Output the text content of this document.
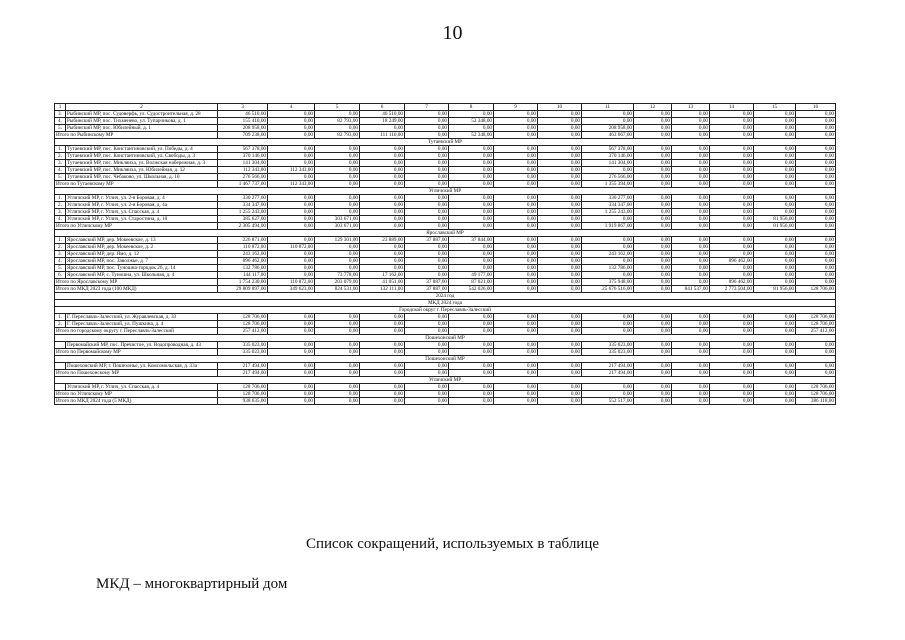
10
1	2	3	4	5	6	7	8	9	10	11	12	13	14	15	16
3.	Рыбинский МР, пос. Судоверфь, ул. Судостроительная, д. 28	46 510,00	0,00	0,00	46 510,00	0,00	0,00	0,00	0,00	0,00	0,00	0,00	0,00	0,00	0,00
4.	Рыбинский МР, пос. Тихменево, ул. Тупарчикова, д. 1	155 410,00	0,00	82 793,00	18 249,00	0,00	52 348,00	0,00	0,00	0,00	0,00	0,00	0,00	0,00	0,00
5.	Рыбинский МР, пос. Юбилейный, д. 1	208 958,00	0,00	0,00	0,00	0,00	0,00	0,00	0,00	208 958,00	0,00	0,00	0,00	0,00	0,00
Итого по Рыбинскому МР		709 238,00	0,00	82 793,00	111 110,00	0,00	52 348,00	0,00	0,00	463 067,00	0,00	0,00	0,00	0,00	0,00
Тутаевский МР															
1.	Тутаевский МР, пос. Константиновский, ул. Победы, д. 4	567 378,00	0,00	0,00	0,00	0,00	0,00	0,00	0,00	567 378,00	0,00	0,00	0,00	0,00	0,00
2.	Тутаевский МР, пос. Константиновский, ул. Свободы, д. 3	370 146,00	0,00	0,00	0,00	0,00	0,00	0,00	0,00	370 146,00	0,00	0,00	0,00	0,00	0,00
3.	Тутаевский МР, пос. Микляиха, ул. Волжская набережная, д. 3	141 304,00	0,00	0,00	0,00	0,00	0,00	0,00	0,00	141 304,00	0,00	0,00	0,00	0,00	0,00
4.	Тутаевский МР, пос. Микляиха, ул. Юбилейная, д. 12	112 343,00	112 343,00	0,00	0,00	0,00	0,00	0,00	0,00	0,00	0,00	0,00	0,00	0,00	0,00
5.	Тутаевский МР, пос. Чебаково, ул. Школьная, д. 10	276 566,00	0,00	0,00	0,00	0,00	0,00	0,00	0,00	276 566,00	0,00	0,00	0,00	0,00	0,00
Итого по Тутаевскому МР		1 467 737,00	112 343,00	0,00	0,00	0,00	0,00	0,00	0,00	1 355 394,00	0,00	0,00	0,00	0,00	0,00
Угличский МР															
1.	Угличский МР, г. Углич, ул. 2-я Боровая, д. 4	330 277,00	0,00	0,00	0,00	0,00	0,00	0,00	0,00	330 277,00	0,00	0,00	0,00	0,00	0,00
2.	Угличский МР, г. Углич, ул. 2-я Боровая, д. 4а	334 347,00	0,00	0,00	0,00	0,00	0,00	0,00	0,00	334 347,00	0,00	0,00	0,00	0,00	0,00
3.	Угличский МР, г. Углич, ул. Спасская, д. 4	1 255 243,00	0,00	0,00	0,00	0,00	0,00	0,00	0,00	1 255 243,00	0,00	0,00	0,00	0,00	0,00
4.	Угличский МР, г. Углич, ул. Старостина, д. 10	385 627,00	0,00	303 671,00	0,00	0,00	0,00	0,00	0,00	0,00	0,00	0,00	0,00	81 956,00	0,00
Итого по Угличскому МР		2 305 494,00	0,00	303 671,00	0,00	0,00	0,00	0,00	0,00	1 919 867,00	0,00	0,00	0,00	81 956,00	0,00
Ярославский МР															
1.	Ярославский МР, дер. Мокеевское, д. 13	226 871,00	0,00	129 301,00	23 889,00	37 887,00	37 844,00	0,00	0,00	0,00	0,00	0,00	0,00	0,00	0,00
2.	Ярославский МР, дер. Мокеевское, д. 2	110 872,00	110 872,00	0,00	0,00	0,00	0,00	0,00	0,00	0,00	0,00	0,00	0,00	0,00	0,00
3.	Ярославский МР, дер. Ямо, д. 12	243 162,00	0,00	0,00	0,00	0,00	0,00	0,00	0,00	243 162,00	0,00	0,00	0,00	0,00	0,00
4.	Ярославский МР, пос. Заволжье, д. 7	896 462,00	0,00	0,00	0,00	0,00	0,00	0,00	0,00	0,00	0,00	0,00	896 462,00	0,00	0,00
5.	Ярославский МР, пос. Туношна-городок 26, д. 14	132 786,00	0,00	0,00	0,00	0,00	0,00	0,00	0,00	132 786,00	0,00	0,00	0,00	0,00	0,00
6.	Ярославский МР, с. Туношна, ул. Школьная, д. 4	144 117,00	0,00	73 778,00	17 162,00	0,00	49 177,00	0,00	0,00	0,00	0,00	0,00	0,00	0,00	0,00
Итого по Ярославскому МР		1 754 230,00	110 872,00	203 079,00	41 051,00	37 887,00	87 021,00	0,00	0,00	375 948,00	0,00	0,00	896 462,00	0,00	0,00
Итого по МКД 2023 года (100 МКД)		29 809 897,00	349 623,00	824 531,00	132 111,00	37 887,00	542 026,00	0,00	0,00	25 676 516,00	0,00	841 537,00	2 773 504,00	81 956,00	128 706,00
2024 год															
МКД 2024 года															
Городской округ г. Переславль-Залесский															
1.	Г. Переславль-Залесский, ул. Журавлевская, д. 33	128 706,00	0,00	0,00	0,00	0,00	0,00	0,00	0,00	0,00	0,00	0,00	0,00	0,00	128 706,00
2.	Г. Переславль-Залесский, ул. Пушкина, д. 4	128 706,00	0,00	0,00	0,00	0,00	0,00	0,00	0,00	0,00	0,00	0,00	0,00	0,00	128 706,00
Итого по городскому округу г. Переславль-Залесский		257 412,00	0,00	0,00	0,00	0,00	0,00	0,00	0,00	0,00	0,00	0,00	0,00	0,00	257 412,00
Пошехонский МР															
	Первомайский МР, пос. Пречистое, ул. Водопроводная, д. 43	335 023,00	0,00	0,00	0,00	0,00	0,00	0,00	0,00	335 023,00	0,00	0,00	0,00	0,00	0,00
Итого по Первомайскому МР		335 023,00	0,00	0,00	0,00	0,00	0,00	0,00	0,00	335 023,00	0,00	0,00	0,00	0,00	0,00
Пошехонский МР															
	Пошехонский МР, г. Пошехонье, ул. Комсомольская, д. 33а	217 494,00	0,00	0,00	0,00	0,00	0,00	0,00	0,00	217 494,00	0,00	0,00	0,00	0,00	0,00
Итого по Пошехонскому МР		217 494,00	0,00	0,00	0,00	0,00	0,00	0,00	0,00	217 494,00	0,00	0,00	0,00	0,00	0,00
Угличский МР															
	Угличский МР, г. Углич, ул. Спасская, д. 4	128 706,00	0,00	0,00	0,00	0,00	0,00	0,00	0,00	0,00	0,00	0,00	0,00	0,00	128 706,00
Итого по Угличскому МР		128 706,00	0,00	0,00	0,00	0,00	0,00	0,00	0,00	0,00	0,00	0,00	0,00	0,00	128 706,00
Итого по МКД 2024 года (5 МКД)		938 635,00	0,00	0,00	0,00	0,00	0,00	0,00	0,00	552 517,00	0,00	0,00	0,00	0,00	386 118,00
Список сокращений, используемых в таблице
МКД – многоквартирный дом
